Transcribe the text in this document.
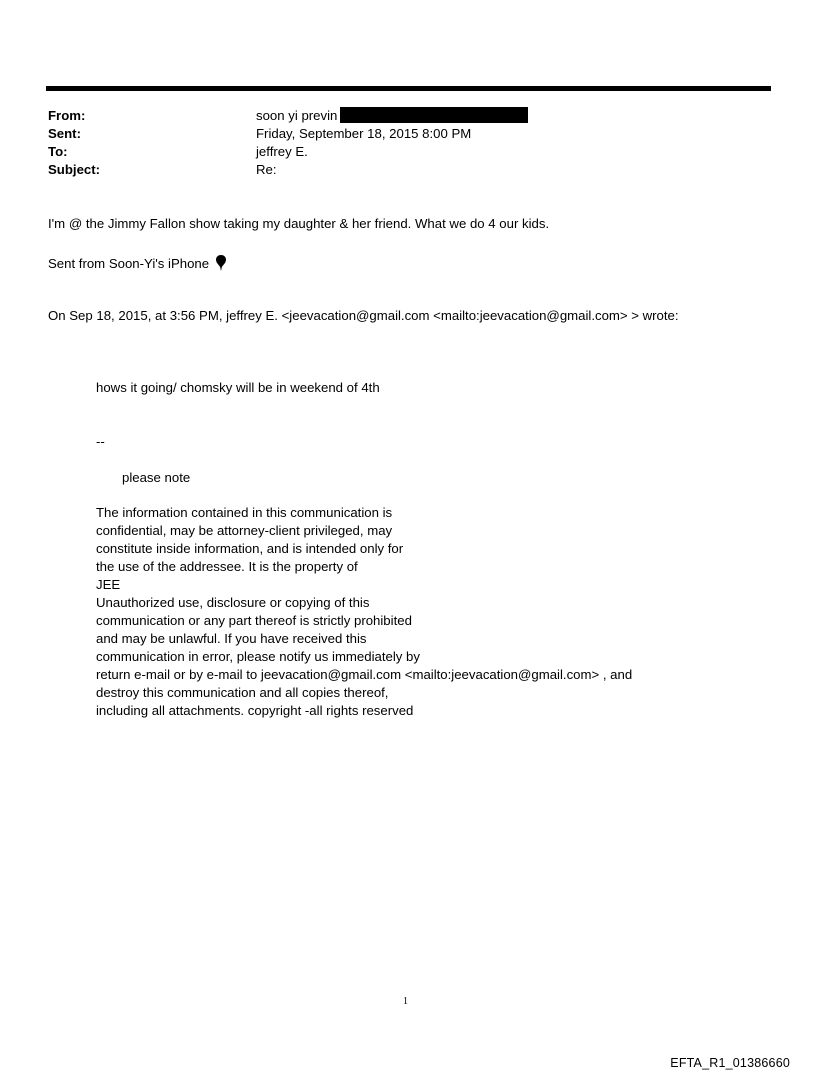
From:	soon yi previn
Sent:	Friday, September 18, 2015 8:00 PM
To:	jeffrey E.
Subject:	Re:
I'm @ the Jimmy Fallon show taking my daughter & her friend. What we do 4 our kids.
Sent from Soon-Yi's iPhone
On Sep 18, 2015, at 3:56 PM, jeffrey E. <jeevacation@gmail.com <mailto:jeevacation@gmail.com> > wrote:
hows it going/ chomsky will be in weekend of 4th
--
please note
The information contained in this communication is
confidential, may be attorney-client privileged, may
constitute inside information, and is intended only for
the use of the addressee. It is the property of
JEE
Unauthorized use, disclosure or copying of this
communication or any part thereof is strictly prohibited
and may be unlawful. If you have received this
communication in error, please notify us immediately by
return e-mail or by e-mail to jeevacation@gmail.com <mailto:jeevacation@gmail.com> , and
destroy this communication and all copies thereof,
including all attachments. copyright -all rights reserved
1
EFTA_R1_01386660
